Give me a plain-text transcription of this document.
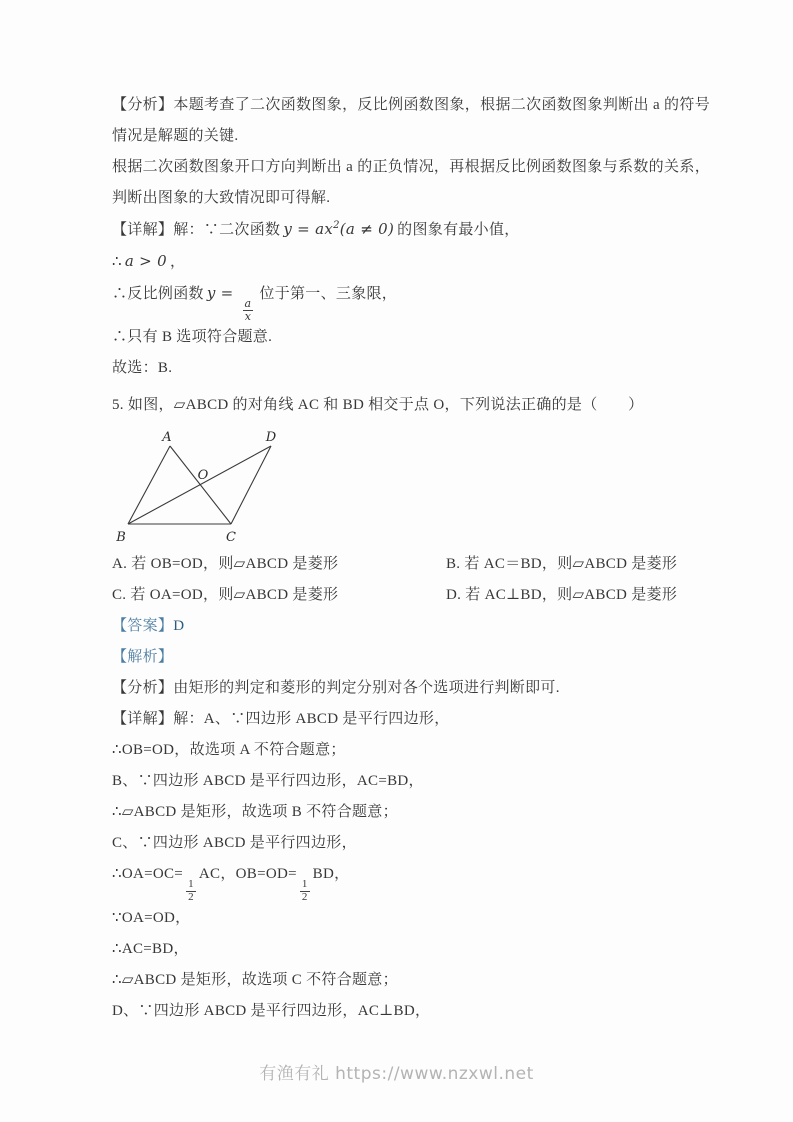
【分析】本题考查了二次函数图象，反比例函数图象，根据二次函数图象判断出 a 的符号情况是解题的关键.

根据二次函数图象开口方向判断出 a 的正负情况，再根据反比例函数图象与系数的关系，判断出图象的大致情况即可得解.

【详解】解：∵二次函数 $y = ax^2(a \ne 0)$ 的图象有最小值，

∴ a > 0 ，

∴反比例函数 y =
$\frac{a}{x}$
位于第一、三象限，

∴只有 B 选项符合题意.

故选：B.

5. 如图，▱ABCD 的对角线 AC 和 BD 相交于点 O，下列说法正确的是（　　）

A	D
O
B	C
A. 若 OB=OD，则▱ABCD 是菱形	B. 若 AC＝BD，则▱ABCD 是菱形
C. 若 OA=OD，则▱ABCD 是菱形	D. 若 AC⊥BD，则▱ABCD 是菱形

【答案】D

【解析】

【分析】由矩形的判定和菱形的判定分别对各个选项进行判断即可.

【详解】解：A、∵四边形 ABCD 是平行四边形，

∴OB=OD，故选项 A 不符合题意；

B、∵四边形 ABCD 是平行四边形，AC=BD，

∴▱ABCD 是矩形，故选项 B 不符合题意；

C、∵四边形 ABCD 是平行四边形，

∴OA=OC=
$\frac{1}{2}$
AC，OB=OD=
$\frac{1}{2}$
BD，

∵OA=OD，

∴AC=BD，

∴▱ABCD 是矩形，故选项 C 不符合题意；

D、∵四边形 ABCD 是平行四边形，AC⊥BD，

有渔有礼 https://www.nzxwl.net
